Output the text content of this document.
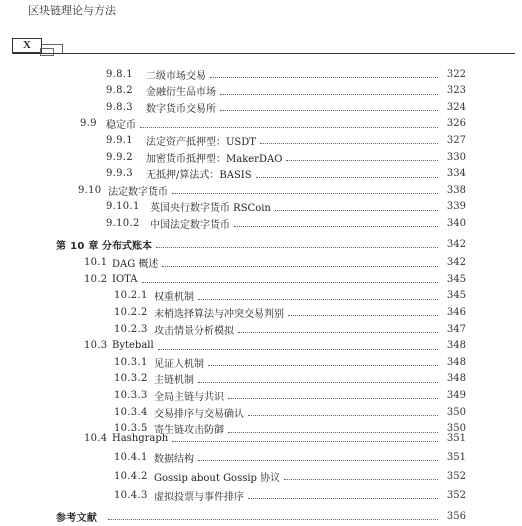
区块链理论与方法
X
9.8.1	二级市场交易	322
9.8.2	金融衍生品市场	323
9.8.3	数字货币交易所	324
9.9 稳定币	326
9.9.1	法定资产抵押型：USDT	327
9.9.2	加密货币抵押型：MakerDAO	330
9.9.3	无抵押/算法式：BASIS	334
9.10 法定数字货币	338
9.10.1	英国央行数字货币 RSCoin	339
9.10.2	中国法定数字货币	340
第 10 章 分布式账本	342
10.1 DAG 概述	342
10.2 IOTA	345
10.2.1 权重机制	345
10.2.2 末梢选择算法与冲突交易判别	346
10.2.3 攻击情景分析模拟	347
10.3 Byteball	348
10.3.1 见证人机制	348
10.3.2 主链机制	348
10.3.3 全局主链与共识	349
10.3.4 交易排序与交易确认	350
10.3.5 寄生链攻击防御	350
10.4 Hashgraph	351
10.4.1 数据结构	351
10.4.2 Gossip about Gossip 协议	352
10.4.3 虚拟投票与事件排序	352
参考文献	356
